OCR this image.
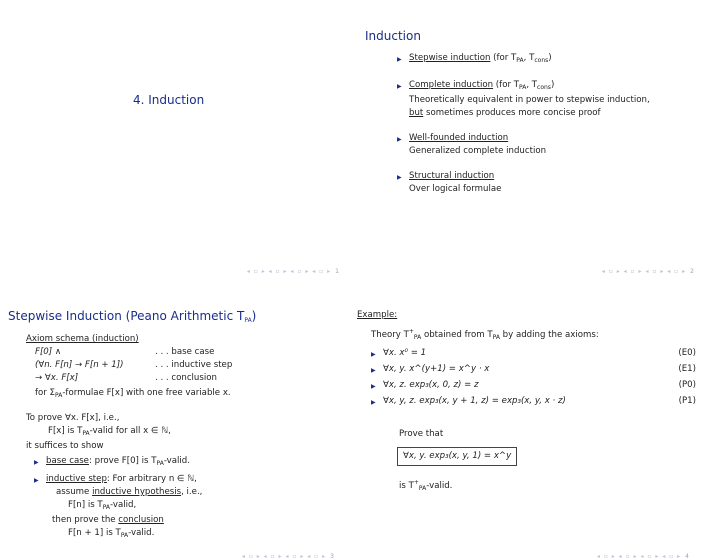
4. Induction
◂ ▫ ▸ ◂ ▫ ▸ ◂ ▫ ▸ ◂ ▫ ▸ 1
Induction
▶ Stepwise induction (for $T_{PA}$, $T_{cons}$)
▶ Complete induction (for $T_{PA}$, $T_{cons}$)
Theoretically equivalent in power to stepwise induction,
but sometimes produces more concise proof
▶ Well-founded induction
Generalized complete induction
▶ Structural induction
Over logical formulae
◂ ▫ ▸ ◂ ▫ ▸ ◂ ▫ ▸ ◂ ▫ ▸ 2
Stepwise Induction (Peano Arithmetic $T_{PA}$)
Axiom schema (induction)
F[0] ∧	. . . base case
(∀n. F[n] → F[n + 1])	. . . inductive step
→ ∀x. F[x]	. . . conclusion
for $\Sigma_{PA}$-formulae F[x] with one free variable x.
To prove ∀x. F[x], i.e.,
F[x] is $T_{PA}$-valid for all x ∈ ℕ,
it suffices to show
▶ base case: prove F[0] is $T_{PA}$-valid.
▶ inductive step: For arbitrary n ∈ ℕ,
assume inductive hypothesis, i.e.,
F[n] is $T_{PA}$-valid,
then prove the conclusion
F[n + 1] is $T_{PA}$-valid.
◂ ▫ ▸ ◂ ▫ ▸ ◂ ▫ ▸ ◂ ▫ ▸ 3
Example:
Theory $T^+_{PA}$ obtained from $T_{PA}$ by adding the axioms:
▶ ∀x. x⁰ = 1	(E0)
▶ ∀x, y. x^(y+1) = x^y · x	(E1)
▶ ∀x, z. exp₃(x, 0, z) = z	(P0)
▶ ∀x, y, z. exp₃(x, y + 1, z) = exp₃(x, y, x · z)	(P1)
Prove that
∀x, y. exp₃(x, y, 1) = x^y
is $T^+_{PA}$-valid.
◂ ▫ ▸ ◂ ▫ ▸ ◂ ▫ ▸ ◂ ▫ ▸ 4
